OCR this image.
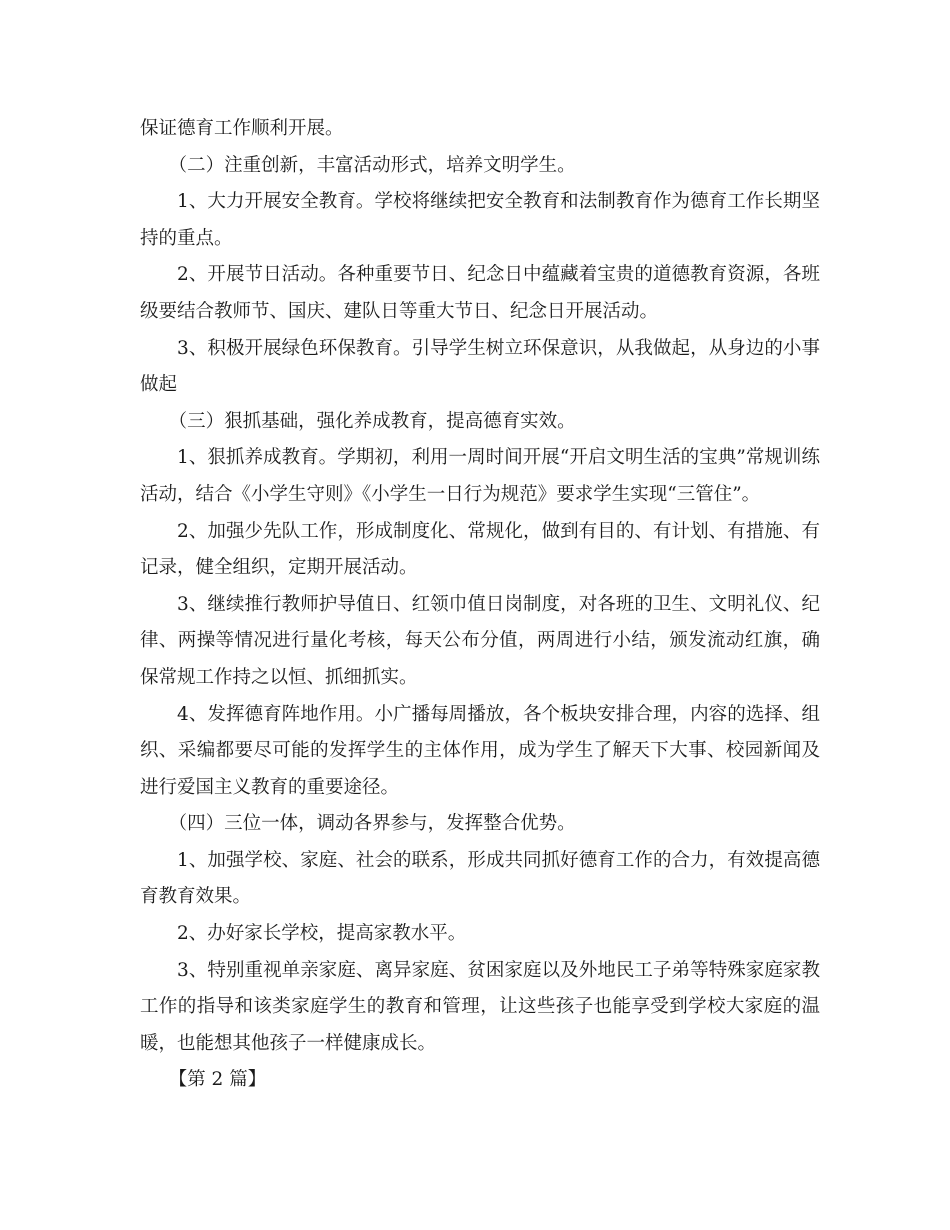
保证德育工作顺利开展。

（二）注重创新，丰富活动形式，培养文明学生。

1、大力开展安全教育。学校将继续把安全教育和法制教育作为德育工作长期坚持的重点。

2、开展节日活动。各种重要节日、纪念日中蕴藏着宝贵的道德教育资源，各班级要结合教师节、国庆、建队日等重大节日、纪念日开展活动。

3、积极开展绿色环保教育。引导学生树立环保意识，从我做起，从身边的小事做起

（三）狠抓基础，强化养成教育，提高德育实效。

1、狠抓养成教育。学期初，利用一周时间开展“开启文明生活的宝典”常规训练活动，结合《小学生守则》《小学生一日行为规范》要求学生实现“三管住”。

2、加强少先队工作，形成制度化、常规化，做到有目的、有计划、有措施、有记录，健全组织，定期开展活动。

3、继续推行教师护导值日、红领巾值日岗制度，对各班的卫生、文明礼仪、纪律、两操等情况进行量化考核，每天公布分值，两周进行小结，颁发流动红旗，确保常规工作持之以恒、抓细抓实。

4、发挥德育阵地作用。小广播每周播放，各个板块安排合理，内容的选择、组织、采编都要尽可能的发挥学生的主体作用，成为学生了解天下大事、校园新闻及进行爱国主义教育的重要途径。

（四）三位一体，调动各界参与，发挥整合优势。

1、加强学校、家庭、社会的联系，形成共同抓好德育工作的合力，有效提高德育教育效果。

2、办好家长学校，提高家教水平。

3、特别重视单亲家庭、离异家庭、贫困家庭以及外地民工子弟等特殊家庭家教工作的指导和该类家庭学生的教育和管理，让这些孩子也能享受到学校大家庭的温暖，也能想其他孩子一样健康成长。

【第 2 篇】
